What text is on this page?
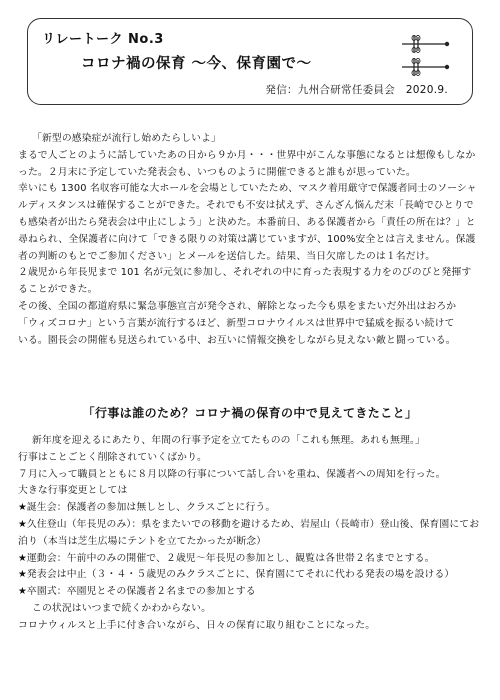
リレートーク No.3
コロナ禍の保育 〜今、保育園で〜
発信：九州合研常任委員会　2020.9.

「新型の感染症が流行し始めたらしいよ」

まるで人ごとのように話していたあの日から９か月・・・世界中がこんな事態になるとは想像もしなか

った。２月末に予定していた発表会も、いつものように開催できると誰もが思っていた。

幸いにも 1300 名収容可能な大ホールを会場としていたため、マスク着用厳守で保護者同士のソーシャ

ルディスタンスは確保することができた。それでも不安は拭えず、さんざん悩んだ末「長崎でひとりで

も感染者が出たら発表会は中止にしよう」と決めた。本番前日、ある保護者から「責任の所在は？」と

尋ねられ、全保護者に向けて「できる限りの対策は講じていますが、100%安全とは言えません。保護

者の判断のもとでご参加ください」とメールを送信した。結果、当日欠席したのは１名だけ。

２歳児から年長児まで 101 名が元気に参加し、それぞれの中に育った表現する力をのびのびと発揮す

ることができた。

その後、全国の都道府県に緊急事態宣言が発令され、解除となった今も県をまたいだ外出はおろか

「ウィズコロナ」という言葉が流行するほど、新型コロナウイルスは世界中で猛威を振るい続けて

いる。園長会の開催も見送られている中、お互いに情報交換をしながら見えない敵と闘っている。

「行事は誰のため？コロナ禍の保育の中で見えてきたこと」

新年度を迎えるにあたり、年間の行事予定を立てたものの「これも無理。あれも無理。」

行事はことごとく削除されていくばかり。

７月に入って職員とともに８月以降の行事について話し合いを重ね、保護者への周知を行った。

大きな行事変更としては

★誕生会：保護者の参加は無しとし、クラスごとに行う。

★久住登山（年長児のみ）：県をまたいでの移動を避けるため、岩屋山（長崎市）登山後、保育園にてお

泊り（本当は芝生広場にテントを立てたかったが断念）

★運動会：午前中のみの開催で、２歳児〜年長児の参加とし、観覧は各世帯２名までとする。

★発表会は中止（３・４・５歳児のみクラスごとに、保育園にてそれに代わる発表の場を設ける）

★卒園式：卒園児とその保護者２名までの参加とする

この状況はいつまで続くかわからない。

コロナウィルスと上手に付き合いながら、日々の保育に取り組むことになった。
